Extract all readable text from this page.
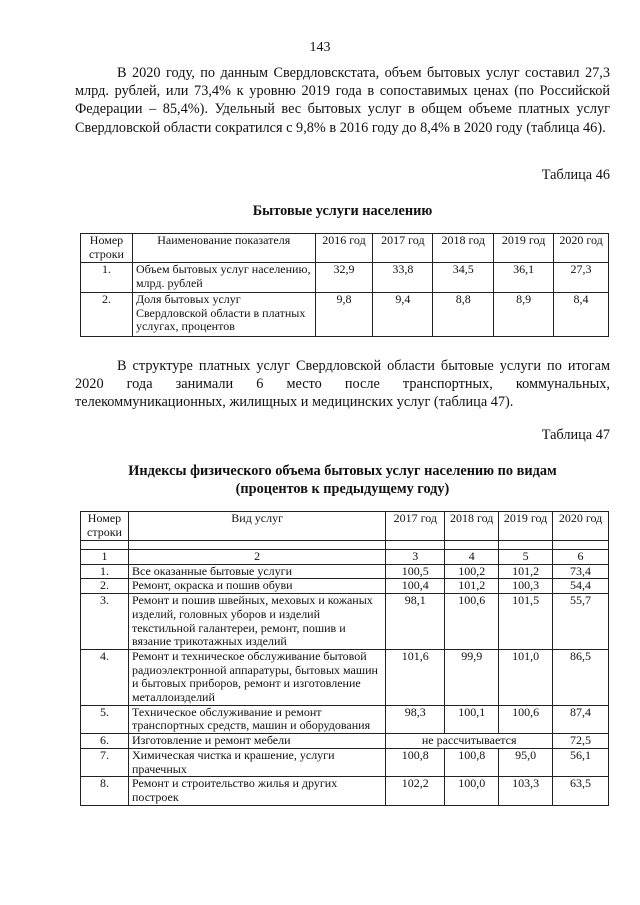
143
В 2020 году, по данным Свердловскстата, объем бытовых услуг составил 27,3 млрд. рублей, или 73,4% к уровню 2019 года в сопоставимых ценах (по Российской Федерации – 85,4%). Удельный вес бытовых услуг в общем объеме платных услуг Свердловской области сократился с 9,8% в 2016 году до 8,4% в 2020 году (таблица 46).
Таблица 46
Бытовые услуги населению
Номер строки	Наименование показателя	2016 год	2017 год	2018 год	2019 год	2020 год
1.	Объем бытовых услуг населению, млрд. рублей	32,9	33,8	34,5	36,1	27,3
2.	Доля бытовых услуг Свердловской области в платных услугах, процентов	9,8	9,4	8,8	8,9	8,4
В структуре платных услуг Свердловской области бытовые услуги по итогам 2020 года занимали 6 место после транспортных, коммунальных, телекоммуникационных, жилищных и медицинских услуг (таблица 47).
Таблица 47
Индексы физического объема бытовых услуг населению по видам
(процентов к предыдущему году)
Номер строки	Вид услуг	2017 год	2018 год	2019 год	2020 год

1	2	3	4	5	6
1.	Все оказанные бытовые услуги	100,5	100,2	101,2	73,4
2.	Ремонт, окраска и пошив обуви	100,4	101,2	100,3	54,4
3.	Ремонт и пошив швейных, меховых и кожаных изделий, головных уборов и изделий текстильной галантереи, ремонт, пошив и вязание трикотажных изделий	98,1	100,6	101,5	55,7
4.	Ремонт и техническое обслуживание бытовой радиоэлектронной аппаратуры, бытовых машин и бытовых приборов, ремонт и изготовление металлоизделий	101,6	99,9	101,0	86,5
5.	Техническое обслуживание и ремонт транспортных средств, машин и оборудования	98,3	100,1	100,6	87,4
6.	Изготовление и ремонт мебели	не рассчитывается			72,5
7.	Химическая чистка и крашение, услуги прачечных	100,8	100,8	95,0	56,1
8.	Ремонт и строительство жилья и других построек	102,2	100,0	103,3	63,5
